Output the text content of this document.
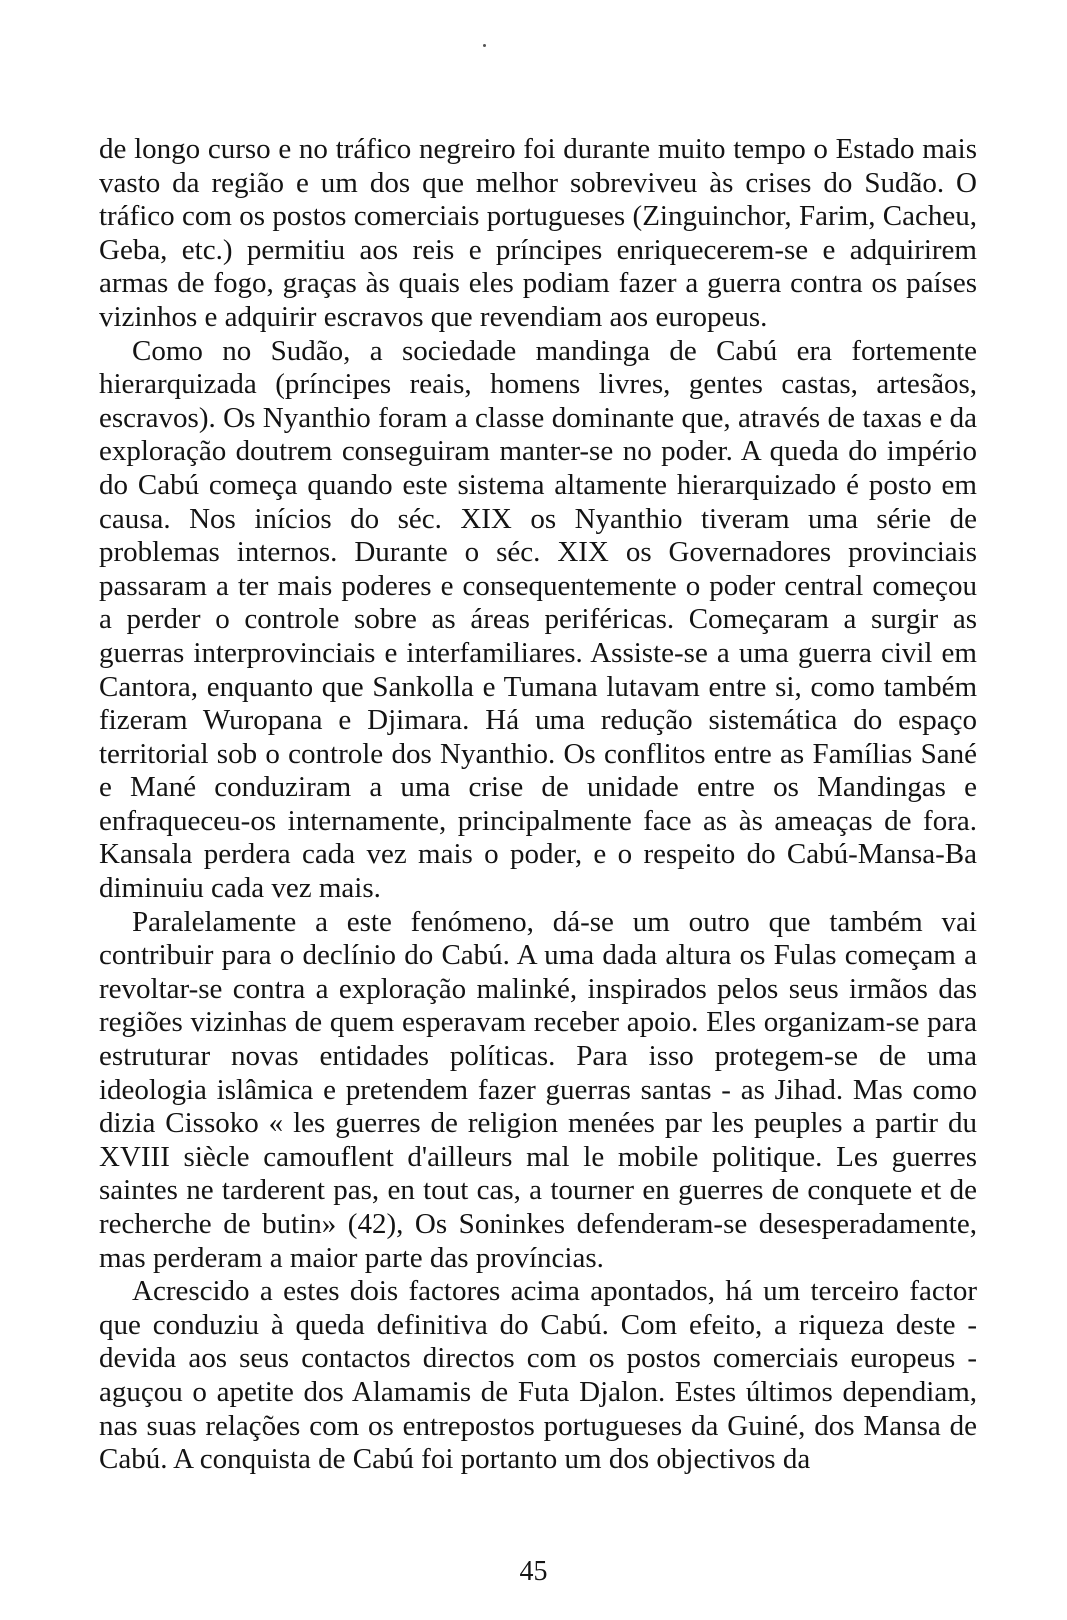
de longo curso e no tráfico negreiro foi durante muito tempo o Estado mais vasto da região e um dos que melhor sobreviveu às crises do Sudão. O tráfico com os postos comerciais portugueses (Zinguinchor, Farim, Cacheu, Geba, etc.) permitiu aos reis e príncipes enriquecerem-se e adquirirem armas de fogo, graças às quais eles podiam fazer a guerra contra os países vizinhos e adquirir escravos que revendiam aos europeus.

Como no Sudão, a sociedade mandinga de Cabú era fortemente hierarquizada (príncipes reais, homens livres, gentes castas, artesãos, escravos). Os Nyanthio foram a classe dominante que, através de taxas e da exploração doutrem conseguiram manter-se no poder. A queda do império do Cabú começa quando este sistema altamente hierarquizado é posto em causa. Nos inícios do séc. XIX os Nyanthio tiveram uma série de problemas internos. Durante o séc. XIX os Governadores provinciais passaram a ter mais poderes e consequentemente o poder central começou a perder o controle sobre as áreas periféricas. Começaram a surgir as guerras interprovinciais e interfamiliares. Assiste-se a uma guerra civil em Cantora, enquanto que Sankolla e Tumana lutavam entre si, como também fizeram Wuropana e Djimara. Há uma redução sistemática do espaço territorial sob o controle dos Nyanthio. Os conflitos entre as Famílias Sané e Mané conduziram a uma crise de unidade entre os Mandingas e enfraqueceu-os internamente, principalmente face as às ameaças de fora. Kansala perdera cada vez mais o poder, e o respeito do Cabú-Mansa-Ba diminuiu cada vez mais.

Paralelamente a este fenómeno, dá-se um outro que também vai contribuir para o declínio do Cabú. A uma dada altura os Fulas começam a revoltar-se contra a exploração malinké, inspirados pelos seus irmãos das regiões vizinhas de quem esperavam receber apoio. Eles organizam-se para estruturar novas entidades políticas. Para isso protegem-se de uma ideologia islâmica e pretendem fazer guerras santas - as Jihad. Mas como dizia Cissoko « les guerres de religion menées par les peuples a partir du XVIII siècle camouflent d'ailleurs mal le mobile politique. Les guerres saintes ne tarderent pas, en tout cas, a tourner en guerres de conquete et de recherche de butin» (42), Os Soninkes defenderam-se desesperadamente, mas perderam a maior parte das províncias.

Acrescido a estes dois factores acima apontados, há um terceiro factor que conduziu à queda definitiva do Cabú. Com efeito, a riqueza deste - devida aos seus contactos directos com os postos comerciais europeus - aguçou o apetite dos Alamamis de Futa Djalon. Estes últimos dependiam, nas suas relações com os entrepostos portugueses da Guiné, dos Mansa de Cabú. A conquista de Cabú foi portanto um dos objectivos da

45
